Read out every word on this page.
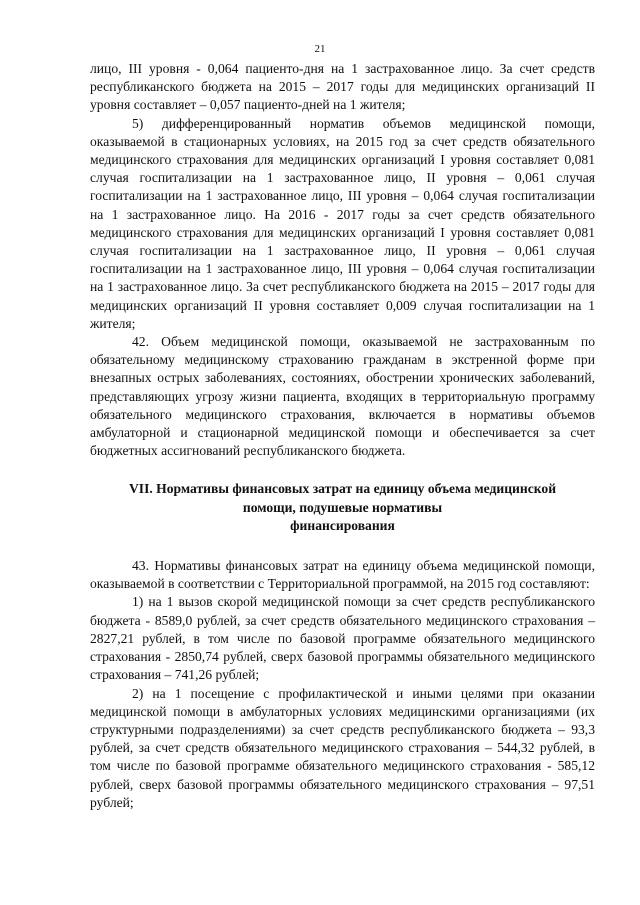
21

лицо, III уровня - 0,064 пациенто-дня на 1 застрахованное лицо. За счет средств республиканского бюджета на 2015 – 2017 годы для медицинских организаций II уровня составляет – 0,057 пациенто-дней на 1 жителя;

5) дифференцированный норматив объемов медицинской помощи, оказываемой в стационарных условиях, на 2015 год за счет средств обязательного медицинского страхования для медицинских организаций I уровня составляет 0,081 случая госпитализации на 1 застрахованное лицо, II уровня – 0,061 случая госпитализации на 1 застрахованное лицо, III уровня – 0,064 случая госпитализации на 1 застрахованное лицо. На 2016 - 2017 годы за счет средств обязательного медицинского страхования для медицинских организаций I уровня составляет 0,081 случая госпитализации на 1 застрахованное лицо, II уровня – 0,061 случая госпитализации на 1 застрахованное лицо, III уровня – 0,064 случая госпитализации на 1 застрахованное лицо. За счет республиканского бюджета на 2015 – 2017 годы для медицинских организаций II уровня составляет 0,009 случая госпитализации на 1 жителя;

42. Объем медицинской помощи, оказываемой не застрахованным по обязательному медицинскому страхованию гражданам в экстренной форме при внезапных острых заболеваниях, состояниях, обострении хронических заболеваний, представляющих угрозу жизни пациента, входящих в территориальную программу обязательного медицинского страхования, включается в нормативы объемов амбулаторной и стационарной медицинской помощи и обеспечивается за счет бюджетных ассигнований республиканского бюджета.

VII. Нормативы финансовых затрат на единицу объема медицинской
помощи, подушевые нормативы
финансирования

43. Нормативы финансовых затрат на единицу объема медицинской помощи, оказываемой в соответствии с Территориальной программой, на 2015 год составляют:

1) на 1 вызов скорой медицинской помощи за счет средств республиканского бюджета - 8589,0 рублей, за счет средств обязательного медицинского страхования – 2827,21 рублей, в том числе по базовой программе обязательного медицинского страхования - 2850,74 рублей, сверх базовой программы обязательного медицинского страхования – 741,26 рублей;

2) на 1 посещение с профилактической и иными целями при оказании медицинской помощи в амбулаторных условиях медицинскими организациями (их структурными подразделениями) за счет средств республиканского бюджета – 93,3 рублей, за счет средств обязательного медицинского страхования – 544,32 рублей, в том числе по базовой программе обязательного медицинского страхования - 585,12 рублей, сверх базовой программы обязательного медицинского страхования – 97,51 рублей;
